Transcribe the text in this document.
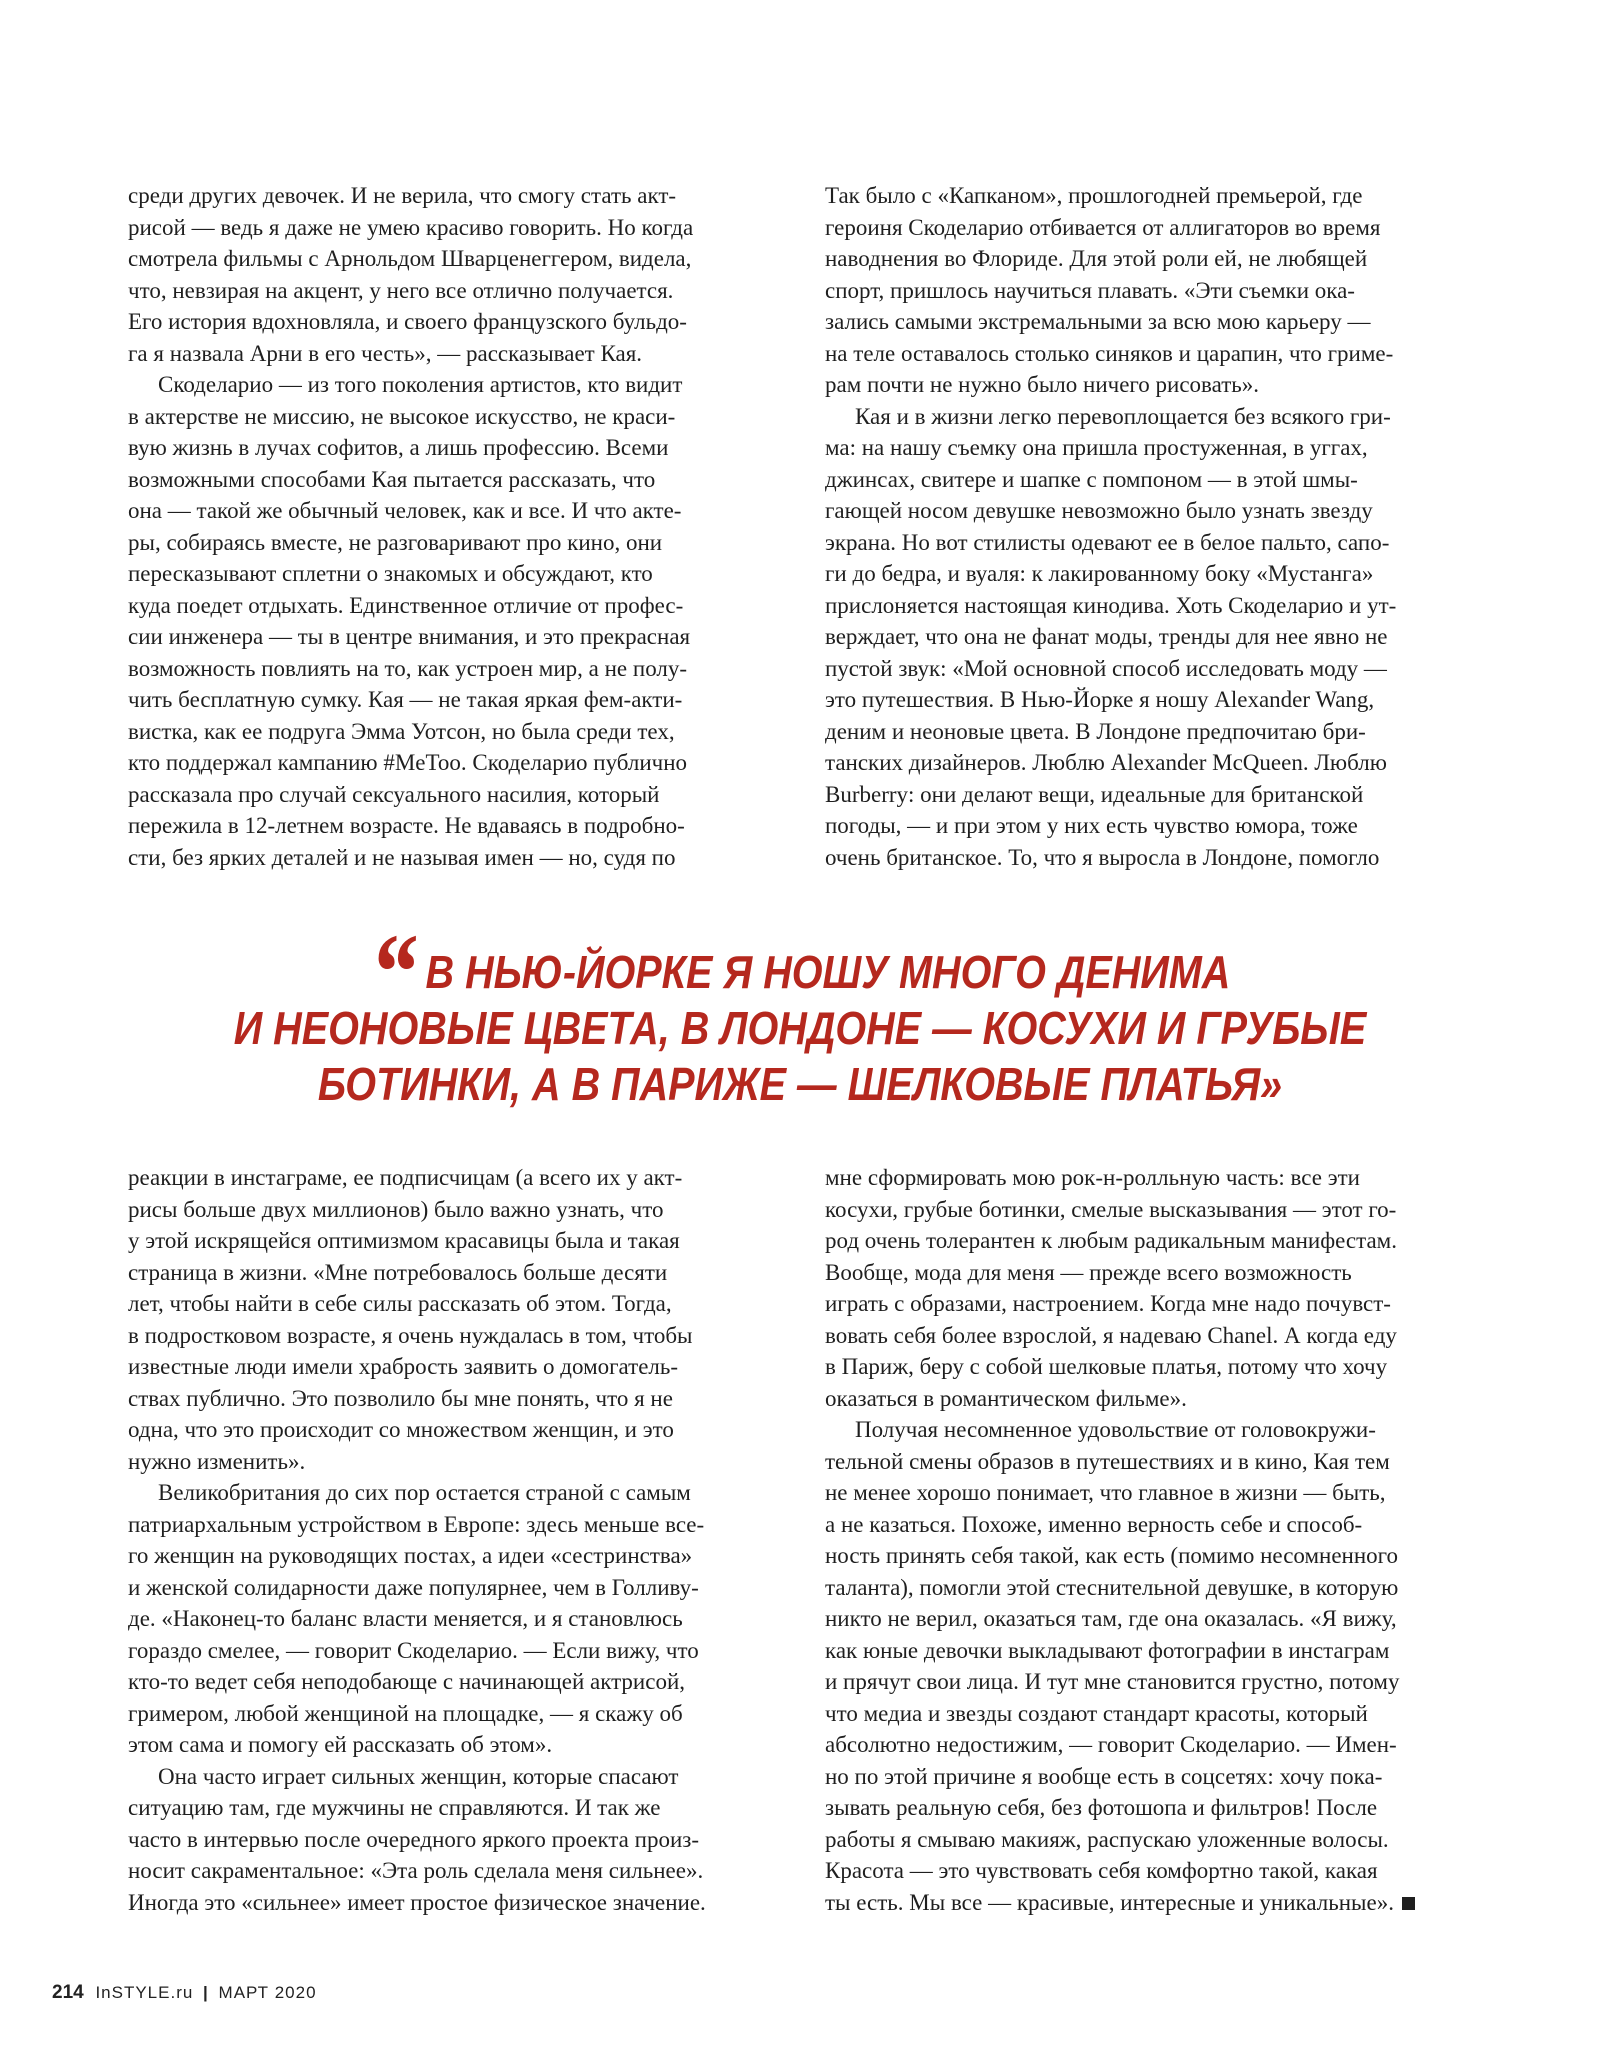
среди других девочек. И не верила, что смогу стать акт-
рисой — ведь я даже не умею красиво говорить. Но когда
смотрела фильмы с Арнольдом Шварценеггером, видела,
что, невзирая на акцент, у него все отлично получается.
Его история вдохновляла, и своего французского бульдо-
га я назвала Арни в его честь», — рассказывает Кая.
Скоделарио — из того поколения артистов, кто видит
в актерстве не миссию, не высокое искусство, не краси-
вую жизнь в лучах софитов, а лишь профессию. Всеми
возможными способами Кая пытается рассказать, что
она — такой же обычный человек, как и все. И что акте-
ры, собираясь вместе, не разговаривают про кино, они
пересказывают сплетни о знакомых и обсуждают, кто
куда поедет отдыхать. Единственное отличие от профес-
сии инженера — ты в центре внимания, и это прекрасная
возможность повлиять на то, как устроен мир, а не полу-
чить бесплатную сумку. Кая — не такая яркая фем-акти-
вистка, как ее подруга Эмма Уотсон, но была среди тех,
кто поддержал кампанию #MeToo. Скоделарио публично
рассказала про случай сексуального насилия, который
пережила в 12-летнем возрасте. Не вдаваясь в подробно-
сти, без ярких деталей и не называя имен — но, судя по
Так было с «Капканом», прошлогодней премьерой, где
героиня Скоделарио отбивается от аллигаторов во время
наводнения во Флориде. Для этой роли ей, не любящей
спорт, пришлось научиться плавать. «Эти съемки ока-
зались самыми экстремальными за всю мою карьеру —
на теле оставалось столько синяков и царапин, что гриме-
рам почти не нужно было ничего рисовать».
Кая и в жизни легко перевоплощается без всякого гри-
ма: на нашу съемку она пришла простуженная, в уггах,
джинсах, свитере и шапке с помпоном — в этой шмы-
гающей носом девушке невозможно было узнать звезду
экрана. Но вот стилисты одевают ее в белое пальто, сапо-
ги до бедра, и вуаля: к лакированному боку «Мустанга»
прислоняется настоящая кинодива. Хоть Скоделарио и ут-
верждает, что она не фанат моды, тренды для нее явно не
пустой звук: «Мой основной способ исследовать моду —
это путешествия. В Нью-Йорке я ношу Alexander Wang,
деним и неоновые цвета. В Лондоне предпочитаю бри-
танских дизайнеров. Люблю Alexander McQueen. Люблю
Burberry: они делают вещи, идеальные для британской
погоды, — и при этом у них есть чувство юмора, тоже
очень британское. То, что я выросла в Лондоне, помогло
“ В НЬЮ-ЙОРКЕ Я НОШУ МНОГО ДЕНИМА
И НЕОНОВЫЕ ЦВЕТА, В ЛОНДОНЕ — КОСУХИ И ГРУБЫЕ
БОТИНКИ, А В ПАРИЖЕ — ШЕЛКОВЫЕ ПЛАТЬЯ»
реакции в инстаграме, ее подписчицам (а всего их у акт-
рисы больше двух миллионов) было важно узнать, что
у этой искрящейся оптимизмом красавицы была и такая
страница в жизни. «Мне потребовалось больше десяти
лет, чтобы найти в себе силы рассказать об этом. Тогда,
в подростковом возрасте, я очень нуждалась в том, чтобы
известные люди имели храбрость заявить о домогатель-
ствах публично. Это позволило бы мне понять, что я не
одна, что это происходит со множеством женщин, и это
нужно изменить».
Великобритания до сих пор остается страной с самым
патриархальным устройством в Европе: здесь меньше все-
го женщин на руководящих постах, а идеи «сестринства»
и женской солидарности даже популярнее, чем в Голливу-
де. «Наконец-то баланс власти меняется, и я становлюсь
гораздо смелее, — говорит Скоделарио. — Если вижу, что
кто-то ведет себя неподобающе с начинающей актрисой,
гримером, любой женщиной на площадке, — я скажу об
этом сама и помогу ей рассказать об этом».
Она часто играет сильных женщин, которые спасают
ситуацию там, где мужчины не справляются. И так же
часто в интервью после очередного яркого проекта произ-
носит сакраментальное: «Эта роль сделала меня сильнее».
Иногда это «сильнее» имеет простое физическое значение.
мне сформировать мою рок-н-ролльную часть: все эти
косухи, грубые ботинки, смелые высказывания — этот го-
род очень толерантен к любым радикальным манифестам.
Вообще, мода для меня — прежде всего возможность
играть с образами, настроением. Когда мне надо почувст-
вовать себя более взрослой, я надеваю Chanel. А когда еду
в Париж, беру с собой шелковые платья, потому что хочу
оказаться в романтическом фильме».
Получая несомненное удовольствие от головокружи-
тельной смены образов в путешествиях и в кино, Кая тем
не менее хорошо понимает, что главное в жизни — быть,
а не казаться. Похоже, именно верность себе и способ-
ность принять себя такой, как есть (помимо несомненного
таланта), помогли этой стеснительной девушке, в которую
никто не верил, оказаться там, где она оказалась. «Я вижу,
как юные девочки выкладывают фотографии в инстаграм
и прячут свои лица. И тут мне становится грустно, потому
что медиа и звезды создают стандарт красоты, который
абсолютно недостижим, — говорит Скоделарио. — Имен-
но по этой причине я вообще есть в соцсетях: хочу пока-
зывать реальную себя, без фотошопа и фильтров! После
работы я смываю макияж, распускаю уложенные волосы.
Красота — это чувствовать себя комфортно такой, какая
ты есть. Мы все — красивые, интересные и уникальные».
214 InSTYLE.ru | МАРТ 2020
